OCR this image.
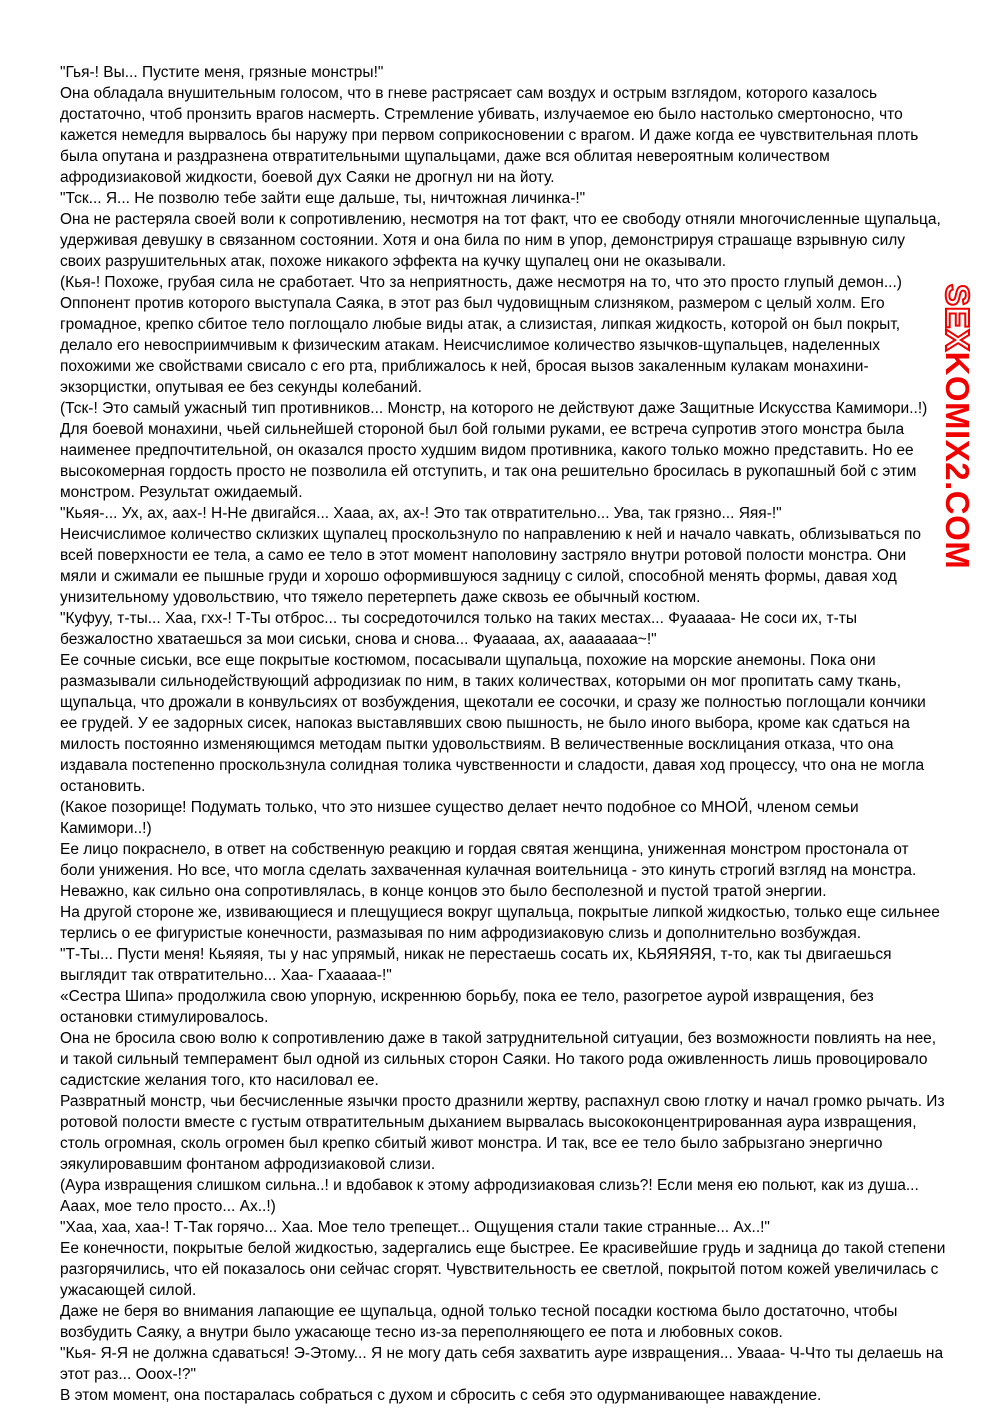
"Гья-! Вы... Пустите меня, грязные монстры!"

Она обладала внушительным голосом, что в гневе растрясает сам воздух и острым взглядом, которого казалось достаточно, чтоб пронзить врагов насмерть. Стремление убивать, излучаемое ею было настолько смертоносно, что кажется немедля вырвалось бы наружу при первом соприкосновении с врагом. И даже когда ее чувствительная плоть была опутана и раздразнена отвратительными щупальцами, даже вся облитая невероятным количеством афродизиаковой жидкости, боевой дух Саяки не дрогнул ни на йоту.

"Тск... Я... Не позволю тебе зайти еще дальше, ты, ничтожная личинка-!"

Она не растеряла своей воли к сопротивлению, несмотря на тот факт, что ее свободу отняли многочисленные щупальца, удерживая девушку в связанном состоянии. Хотя и она била по ним в упор, демонстрируя страшаще взрывную силу своих разрушительных атак, похоже никакого эффекта на кучку щупалец они не оказывали.

(Кья-! Похоже, грубая сила не сработает. Что за неприятность, даже несмотря на то, что это просто глупый демон...)

Оппонент против которого выступала Саяка, в этот раз был чудовищным слизняком, размером с целый холм. Его громадное, крепко сбитое тело поглощало любые виды атак, а слизистая, липкая жидкость, которой он был покрыт, делало его невосприимчивым к физическим атакам. Неисчислимое количество язычков-щупальцев, наделенных похожими же свойствами свисало с его рта, приближалось к ней, бросая вызов закаленным кулакам монахини-экзорцистки, опутывая ее без секунды колебаний.

(Тск-! Это самый ужасный тип противников... Монстр, на которого не действуют даже Защитные Искусства Камимори..!)

Для боевой монахини, чьей сильнейшей стороной был бой голыми руками, ее встреча супротив этого монстра была наименее предпочтительной, он оказался просто худшим видом противника, какого только можно представить. Но ее высокомерная гордость просто не позволила ей отступить, и так она решительно бросилась в рукопашный бой с этим монстром. Результат ожидаемый.

"Кьяя-... Ух, ах, аах-! Н-Не двигайся... Хааа, ах, ах-! Это так отвратительно... Ува, так грязно... Яяя-!"

Неисчислимое количество склизких щупалец проскользнуло по направлению к ней и начало чавкать, облизываться по всей поверхности ее тела, а само ее тело в этот момент наполовину застряло внутри ротовой полости монстра. Они мяли и сжимали ее пышные груди и хорошо оформившуюся задницу с силой, способной менять формы, давая ход унизительному удовольствию, что тяжело перетерпеть даже сквозь ее обычный костюм.

"Куфуу, т-ты... Хаа, гхх-! Т-Ты отброс... ты сосредоточился только на таких местах... Фуааааа- Не соси их, т-ты безжалостно хватаешься за мои сиськи, снова и снова... Фуааааа, ах, аааааааа~!"

Ее сочные сиськи, все еще покрытые костюмом, посасывали щупальца, похожие на морские анемоны. Пока они размазывали сильнодействующий афродизиак по ним, в таких количествах, которыми он мог пропитать саму ткань, щупальца, что дрожали в конвульсиях от возбуждения, щекотали ее сосочки, и сразу же полностью поглощали кончики ее грудей. У ее задорных сисек, напоказ выставлявших свою пышность, не было иного выбора, кроме как сдаться на милость постоянно изменяющимся методам пытки удовольствиям. В величественные восклицания отказа, что она издавала постепенно проскользнула солидная толика чувственности и сладости, давая ход процессу, что она не могла остановить.

(Какое позорище! Подумать только, что это низшее существо делает нечто подобное со МНОЙ, членом семьи Камимори..!)

Ее лицо покраснело, в ответ на собственную реакцию и гордая святая женщина, униженная монстром простонала от боли унижения. Но все, что могла сделать захваченная кулачная воительница - это кинуть строгий взгляд на монстра. Неважно, как сильно она сопротивлялась, в конце концов это было бесполезной и пустой тратой энергии.

На другой стороне же, извивающиеся и плещущиеся вокруг щупальца, покрытые липкой жидкостью, только еще сильнее терлись о ее фигуристые конечности, размазывая по ним афродизиаковую слизь и дополнительно возбуждая.

"Т-Ты... Пусти меня! Кьяяяя, ты у нас упрямый, никак не перестаешь сосать их, КЬЯЯЯЯЯ, т-то, как ты двигаешься выглядит так отвратительно... Хаа- Гхааааа-!"

«Сестра Шипа» продолжила свою упорную, искреннюю борьбу, пока ее тело, разогретое аурой извращения, без остановки стимулировалось.

Она не бросила свою волю к сопротивлению даже в такой затруднительной ситуации, без возможности повлиять на нее, и такой сильный темперамент был одной из сильных сторон Саяки. Но такого рода оживленность лишь провоцировало садистские желания того, кто насиловал ее.

Развратный монстр, чьи бесчисленные язычки просто дразнили жертву, распахнул свою глотку и начал громко рычать. Из ротовой полости вместе с густым отвратительным дыханием вырвалась высококонцентрированная аура извращения, столь огромная, сколь огромен был крепко сбитый живот монстра. И так, все ее тело было забрызгано энергично эякулировавшим фонтаном афродизиаковой слизи.

(Аура извращения слишком сильна..! и вдобавок к этому афродизиаковая слизь?! Если меня ею польют, как из душа... Ааах, мое тело просто... Ах..!)

"Хаа, хаа, хаа-! Т-Так горячо... Хаа. Мое тело трепещет... Ощущения стали такие странные... Ах..!"

Ее конечности, покрытые белой жидкостью, задергались еще быстрее. Ее красивейшие грудь и задница до такой степени разгорячились, что ей показалось они сейчас сгорят. Чувствительность ее светлой, покрытой потом кожей увеличилась с ужасающей силой.

Даже не беря во внимания лапающие ее щупальца, одной только тесной посадки костюма было достаточно, чтобы возбудить Саяку, а внутри было ужасающе тесно из-за переполняющего ее пота и любовных соков.

"Кья- Я-Я не должна сдаваться! Э-Этому... Я не могу дать себя захватить ауре извращения... Увааа- Ч-Что ты делаешь на этот раз... Ооох-!?"

В этом момент, она постаралась собраться с духом и сбросить с себя это одурманивающее наваждение.

SEXKOMIX2.COM
